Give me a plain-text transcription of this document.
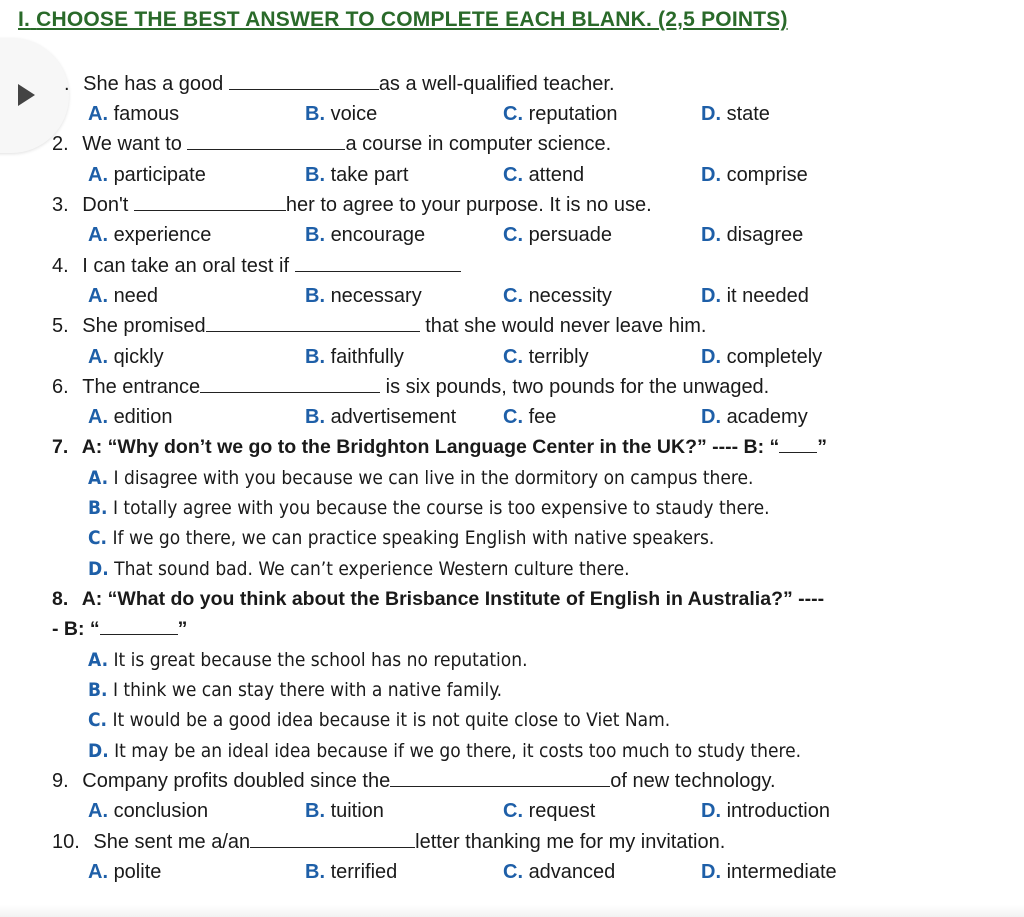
I. CHOOSE THE BEST ANSWER TO COMPLETE EACH BLANK. (2,5 POINTS)
. She has a good	as a well-qualified teacher.
A. famous	B. voice	C. reputation	D. state
2. We want to	a course in computer science.
A. participate	B. take part	C. attend	D. comprise
3. Don't	her to agree to your purpose. It is no use.
A. experience	B. encourage	C. persuade	D. disagree
4. I can take an oral test if
A. need	B. necessary	C. necessity	D. it needed
5. She promised	that she would never leave him.
A. qickly	B. faithfully	C. terribly	D. completely
6. The entrance	is six pounds, two pounds for the unwaged.
A. edition	B. advertisement C. fee	D. academy
7. A: “Why don’t we go to the Bridghton Language Center in the UK?” ---- B: “ ”
A. I disagree with you because we can live in the dormitory on campus there.
B. I totally agree with you because the course is too expensive to staudy there.
C. If we go there, we can practice speaking English with native speakers.
D. That sound bad. We can’t experience Western culture there.
8. A: “What do you think about the Brisbance Institute of English in Australia?” ----
- B: “	”
A. It is great because the school has no reputation.
B. I think we can stay there with a native family.
C. It would be a good idea because it is not quite close to Viet Nam.
D. It may be an ideal idea because if we go there, it costs too much to study there.
9. Company profits doubled since the	of new technology.
A. conclusion	B. tuition	C. request	D. introduction
10. She sent me a/an	letter thanking me for my invitation.
A. polite	B. terrified	C. advanced	D. intermediate
